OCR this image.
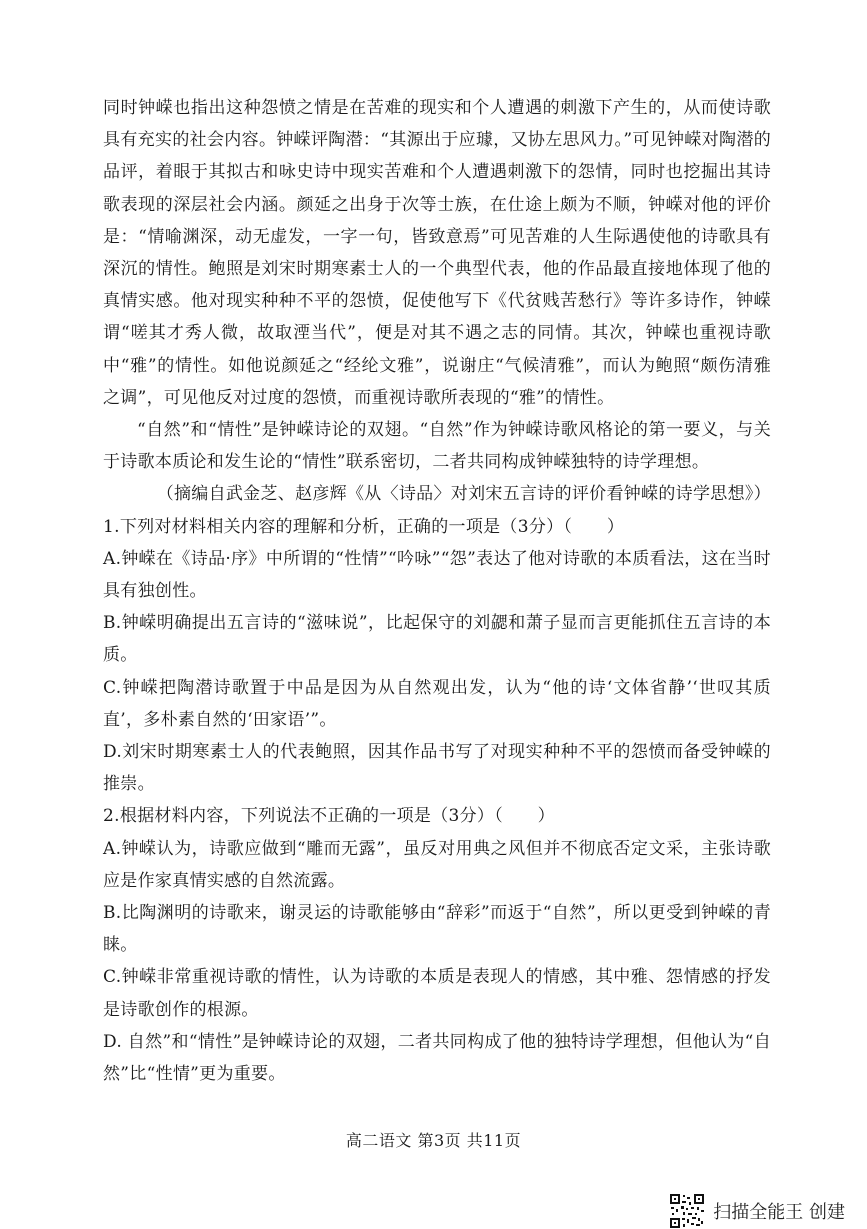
同时钟嵘也指出这种怨愤之情是在苦难的现实和个人遭遇的刺激下产生的，从而使诗歌具有充实的社会内容。钟嵘评陶潜：“其源出于应璩，又协左思风力。”可见钟嵘对陶潜的品评，着眼于其拟古和咏史诗中现实苦难和个人遭遇刺激下的怨情，同时也挖掘出其诗歌表现的深层社会内涵。颜延之出身于次等士族，在仕途上颇为不顺，钟嵘对他的评价是：“情喻渊深，动无虚发，一字一句，皆致意焉”可见苦难的人生际遇使他的诗歌具有深沉的情性。鲍照是刘宋时期寒素士人的一个典型代表，他的作品最直接地体现了他的真情实感。他对现实种种不平的怨愤，促使他写下《代贫贱苦愁行》等许多诗作，钟嵘谓“嗟其才秀人微，故取湮当代”，便是对其不遇之志的同情。其次，钟嵘也重视诗歌中“雅”的情性。如他说颜延之“经纶文雅”，说谢庄“气候清雅”，而认为鲍照“颇伤清雅之调”，可见他反对过度的怨愤，而重视诗歌所表现的“雅”的情性。

“自然”和“情性”是钟嵘诗论的双翅。“自然”作为钟嵘诗歌风格论的第一要义，与关于诗歌本质论和发生论的“情性”联系密切，二者共同构成钟嵘独特的诗学理想。

（摘编自武金芝、赵彦辉《从〈诗品〉对刘宋五言诗的评价看钟嵘的诗学思想》）

1.下列对材料相关内容的理解和分析，正确的一项是（3分）（　　）

A.钟嵘在《诗品·序》中所谓的“性情”“吟咏”“怨”表达了他对诗歌的本质看法，这在当时具有独创性。

B.钟嵘明确提出五言诗的“滋味说”，比起保守的刘勰和萧子显而言更能抓住五言诗的本质。

C.钟嵘把陶潜诗歌置于中品是因为从自然观出发，认为“他的诗‘文体省静’‘世叹其质直’，多朴素自然的‘田家语’”。

D.刘宋时期寒素士人的代表鲍照，因其作品书写了对现实种种不平的怨愤而备受钟嵘的推崇。

2.根据材料内容，下列说法不正确的一项是（3分）（　　）

A.钟嵘认为，诗歌应做到“雕而无露”，虽反对用典之风但并不彻底否定文采，主张诗歌应是作家真情实感的自然流露。

B.比陶渊明的诗歌来，谢灵运的诗歌能够由“辞彩”而返于“自然”，所以更受到钟嵘的青睐。

C.钟嵘非常重视诗歌的情性，认为诗歌的本质是表现人的情感，其中雅、怨情感的抒发是诗歌创作的根源。

D. 自然”和“情性”是钟嵘诗论的双翅，二者共同构成了他的独特诗学理想，但他认为“自然”比“性情”更为重要。

高二语文 第3页 共11页
扫描全能王 创建
